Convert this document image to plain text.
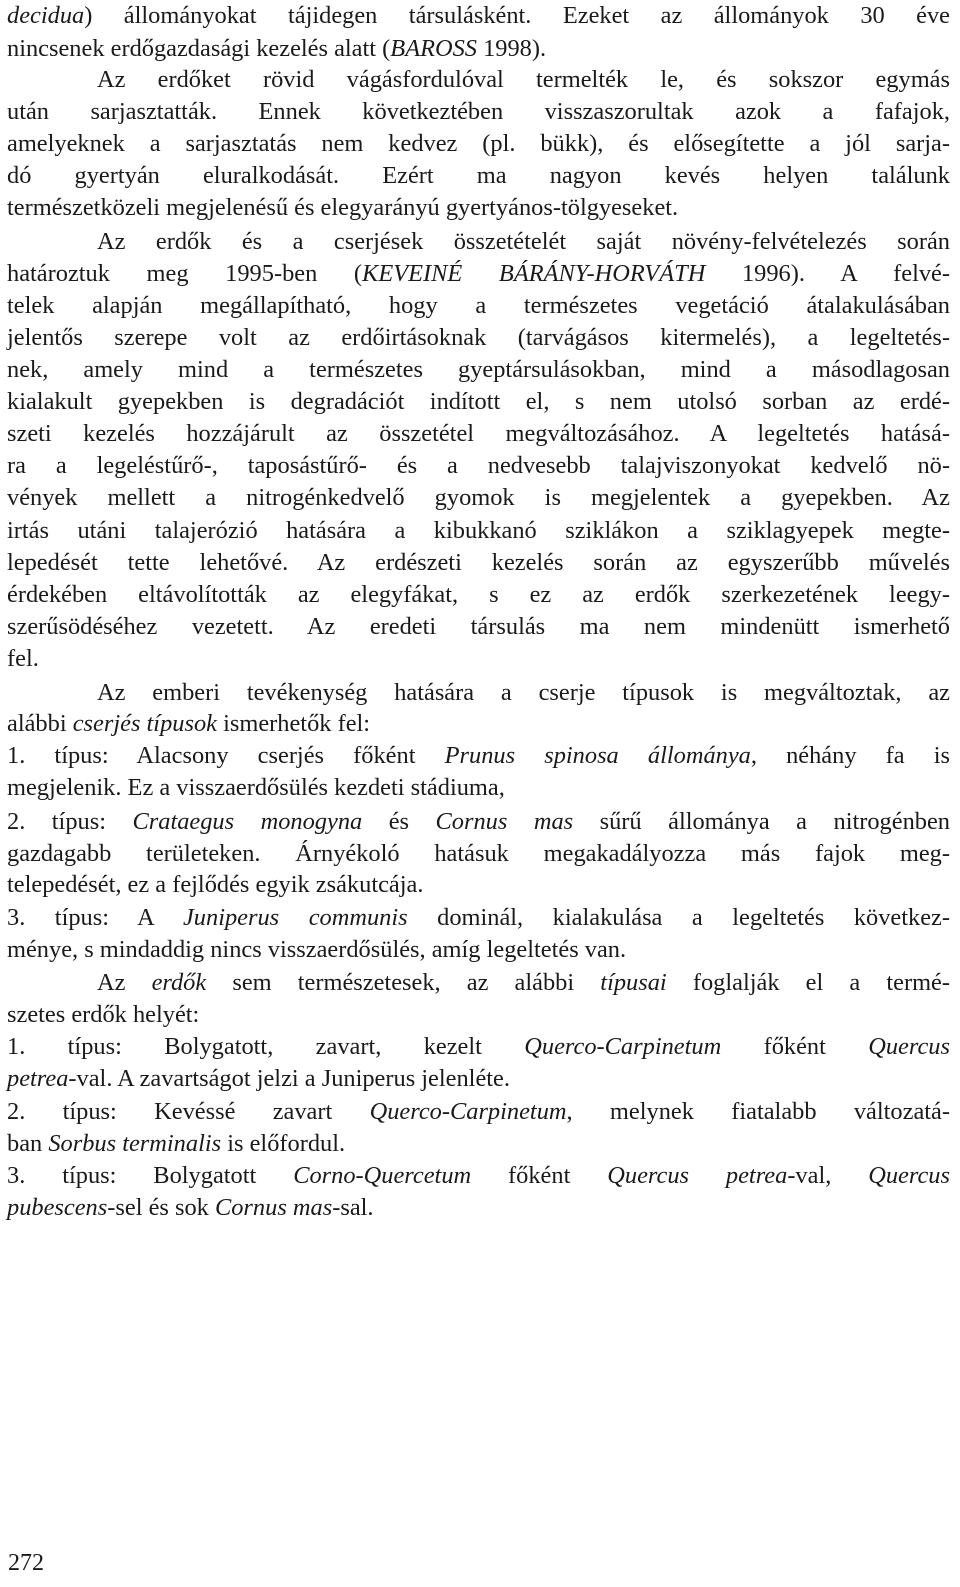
decidua) állományokat tájidegen társulásként. Ezeket az állományok 30 éve
nincsenek erdőgazdasági kezelés alatt (BAROSS 1998).
Az erdőket rövid vágásfordulóval termelték le, és sokszor egymás
után sarjasztatták. Ennek következtében visszaszorultak azok a fafajok,
amelyeknek a sarjasztatás nem kedvez (pl. bükk), és elősegítette a jól sarja-
dó gyertyán eluralkodását. Ezért ma nagyon kevés helyen találunk
természetközeli megjelenésű és elegyarányú gyertyános-tölgyeseket.
Az erdők és a cserjések összetételét saját növény-felvételezés során
határoztuk meg 1995-ben (KEVEINÉ BÁRÁNY-HORVÁTH 1996). A felvé-
telek alapján megállapítható, hogy a természetes vegetáció átalakulásában
jelentős szerepe volt az erdőirtásoknak (tarvágásos kitermelés), a legeltetés-
nek, amely mind a természetes gyeptársulásokban, mind a másodlagosan
kialakult gyepekben is degradációt indított el, s nem utolsó sorban az erdé-
szeti kezelés hozzájárult az összetétel megváltozásához. A legeltetés hatásá-
ra a legeléstűrő-, taposástűrő- és a nedvesebb talajviszonyokat kedvelő nö-
vények mellett a nitrogénkedvelő gyomok is megjelentek a gyepekben. Az
irtás utáni talajerózió hatására a kibukkanó sziklákon a sziklagyepek megte-
lepedését tette lehetővé. Az erdészeti kezelés során az egyszerűbb művelés
érdekében eltávolították az elegyfákat, s ez az erdők szerkezetének leegy-
szerűsödéséhez vezetett. Az eredeti társulás ma nem mindenütt ismerhető
fel.
Az emberi tevékenység hatására a cserje típusok is megváltoztak, az
alábbi cserjés típusok ismerhetők fel:
1. típus: Alacsony cserjés főként Prunus spinosa állománya, néhány fa is
megjelenik. Ez a visszaerdősülés kezdeti stádiuma,
2. típus: Crataegus monogyna és Cornus mas sűrű állománya a nitrogénben
gazdagabb területeken. Árnyékoló hatásuk megakadályozza más fajok meg-
telepedését, ez a fejlődés egyik zsákutcája.
3. típus: A Juniperus communis dominál, kialakulása a legeltetés következ-
ménye, s mindaddig nincs visszaerdősülés, amíg legeltetés van.
Az erdők sem természetesek, az alábbi típusai foglalják el a termé-
szetes erdők helyét:
1. típus: Bolygatott, zavart, kezelt Querco-Carpinetum főként Quercus
petrea-val. A zavartságot jelzi a Juniperus jelenléte.
2. típus: Kevéssé zavart Querco-Carpinetum, melynek fiatalabb változatá-
ban Sorbus terminalis is előfordul.
3. típus: Bolygatott Corno-Quercetum főként Quercus petrea-val, Quercus
pubescens-sel és sok Cornus mas-sal.
272
